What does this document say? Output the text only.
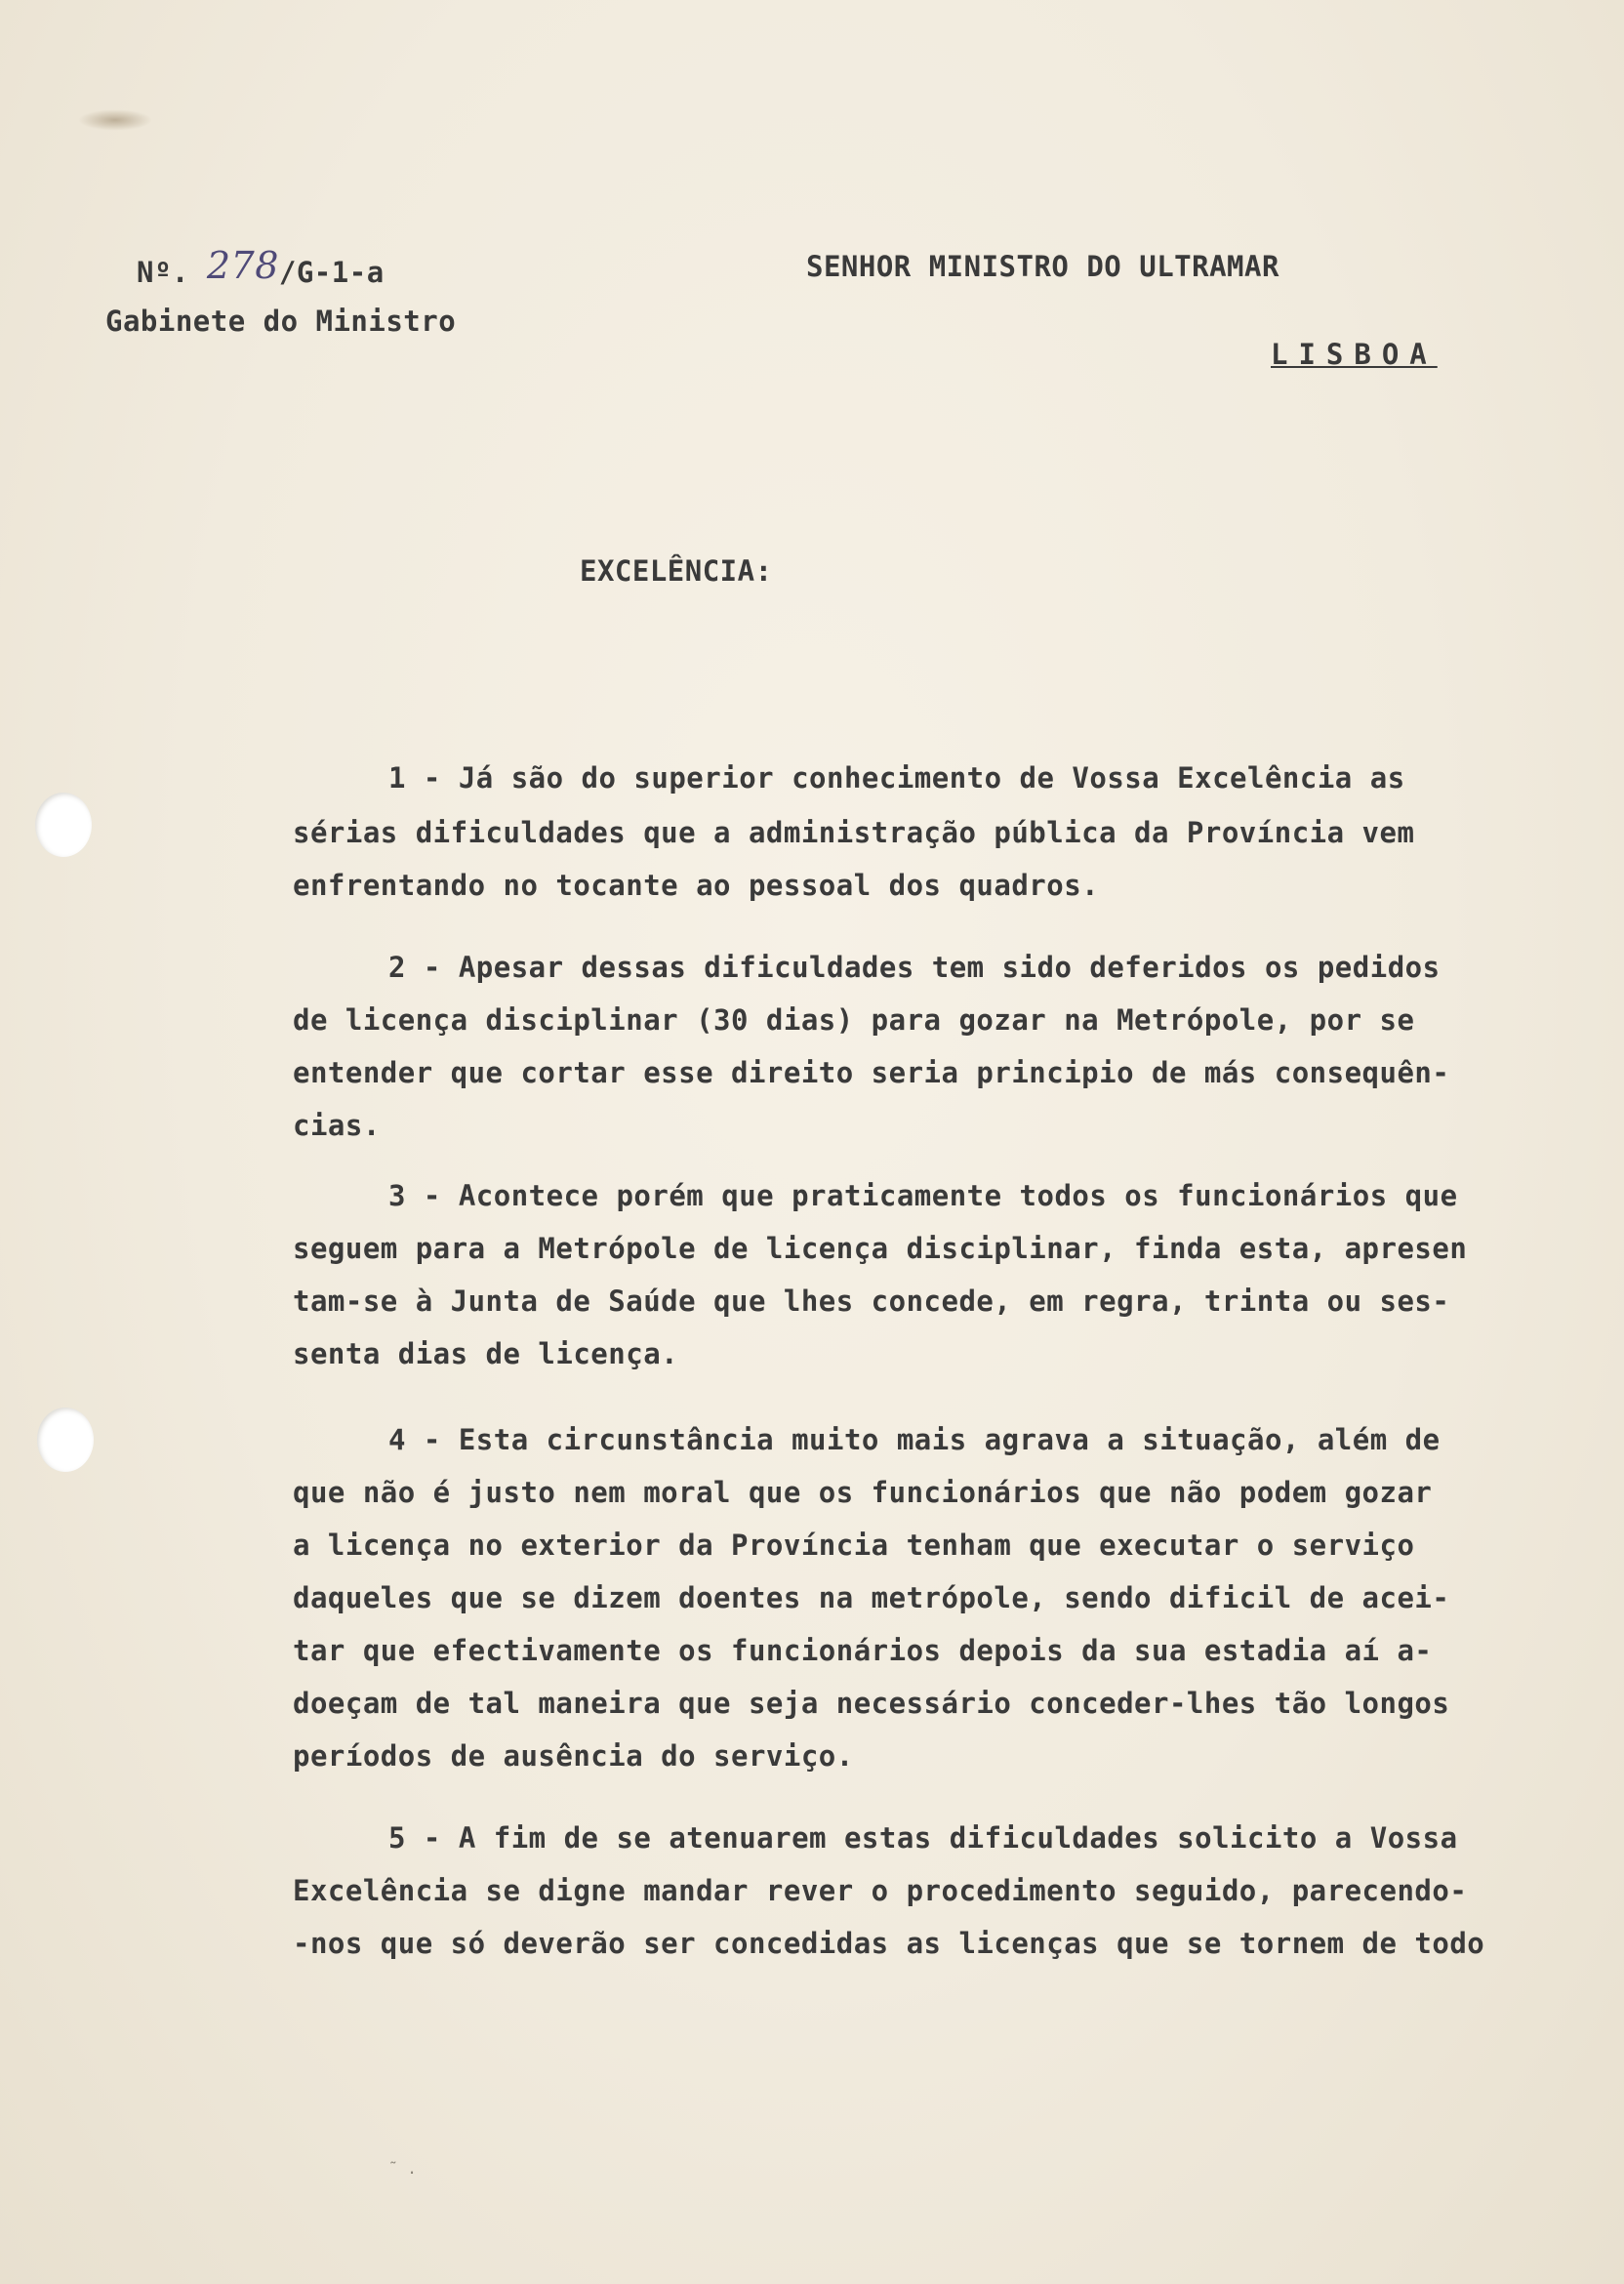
˜ .
Nº. 278/G-1-a
Gabinete do Ministro
SENHOR MINISTRO DO ULTRAMAR
LISBOA
EXCELÊNCIA:
1 - Já são do superior conhecimento de Vossa Excelência as
sérias dificuldades que a administração pública da Província vem
enfrentando no tocante ao pessoal dos quadros.
2 - Apesar dessas dificuldades tem sido deferidos os pedidos
de licença disciplinar (30 dias) para gozar na Metrópole, por se
entender que cortar esse direito seria principio de más consequên-
cias.
3 - Acontece porém que praticamente todos os funcionários que
seguem para a Metrópole de licença disciplinar, finda esta, apresen
tam-se à Junta de Saúde que lhes concede, em regra, trinta ou ses-
senta dias de licença.
4 - Esta circunstância muito mais agrava a situação, além de
que não é justo nem moral que os funcionários que não podem gozar
a licença no exterior da Província tenham que executar o serviço
daqueles que se dizem doentes na metrópole, sendo dificil de acei-
tar que efectivamente os funcionários depois da sua estadia aí a-
doeçam de tal maneira que seja necessário conceder-lhes tão longos
períodos de ausência do serviço.
5 - A fim de se atenuarem estas dificuldades solicito a Vossa
Excelência se digne mandar rever o procedimento seguido, parecendo-
-nos que só deverão ser concedidas as licenças que se tornem de todo
